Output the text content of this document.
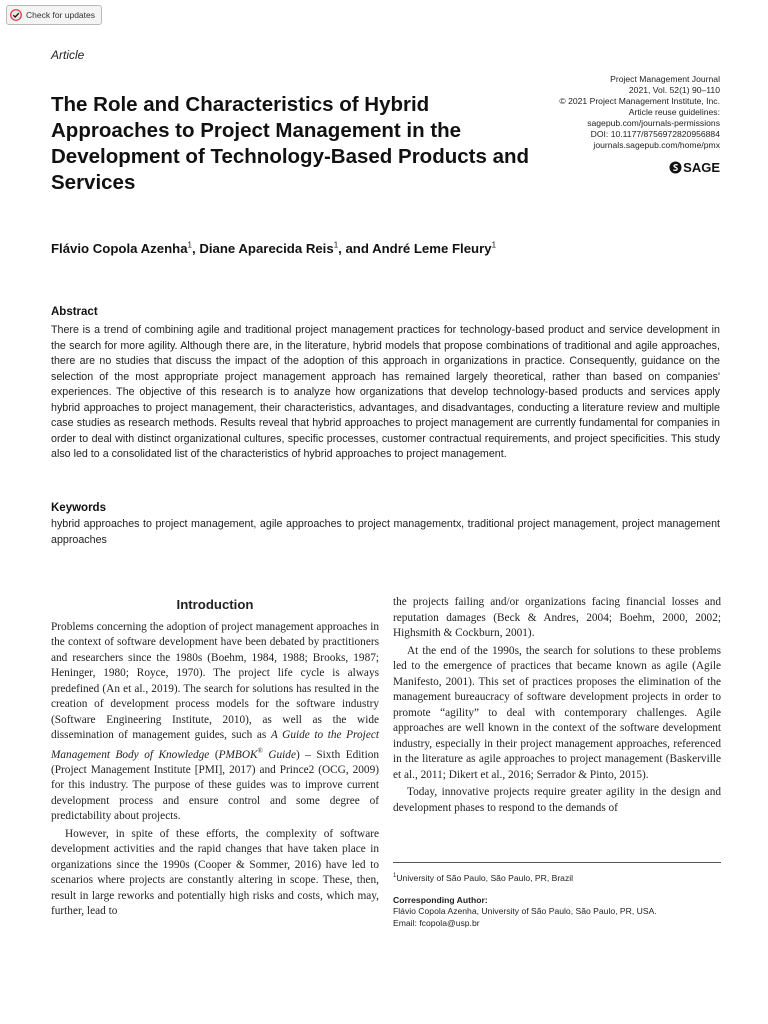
Check for updates
Article
The Role and Characteristics of Hybrid Approaches to Project Management in the Development of Technology-Based Products and Services
Project Management Journal
2021, Vol. 52(1) 90–110
© 2021 Project Management Institute, Inc.
Article reuse guidelines:
sagepub.com/journals-permissions
DOI: 10.1177/8756972820956884
journals.sagepub.com/home/pmx
SAGE
Flávio Copola Azenha$^1$, Diane Aparecida Reis$^1$, and André Leme Fleury$^1$
Abstract

There is a trend of combining agile and traditional project management practices for technology-based product and service development in the search for more agility. Although there are, in the literature, hybrid models that propose combinations of traditional and agile approaches, there are no studies that discuss the impact of the adoption of this approach in organizations in practice. Consequently, guidance on the selection of the most appropriate project management approach has remained largely theoretical, rather than based on companies' experiences. The objective of this research is to analyze how organizations that develop technology-based products and services apply hybrid approaches to project management, their characteristics, advantages, and disadvantages, conducting a literature review and multiple case studies as research methods. Results reveal that hybrid approaches to project management are currently fundamental for companies in order to deal with distinct organizational cultures, specific processes, customer contractual requirements, and project specificities. This study also led to a consolidated list of the characteristics of hybrid approaches to project management.

Keywords

hybrid approaches to project management, agile approaches to project managementx, traditional project management, project management approaches

Introduction

Problems concerning the adoption of project management approaches in the context of software development have been debated by practitioners and researchers since the 1980s (Boehm, 1984, 1988; Brooks, 1987; Heninger, 1980; Royce, 1970). The project life cycle is always predefined (An et al., 2019). The search for solutions has resulted in the creation of development process models for the software industry (Software Engineering Institute, 2010), as well as the wide dissemination of management guides, such as A Guide to the Project Management Body of Knowledge (PMBOK® Guide) – Sixth Edition (Project Management Institute [PMI], 2017) and Prince2 (OCG, 2009) for this industry. The purpose of these guides was to improve current development process and ensure control and some degree of predictability about projects.

However, in spite of these efforts, the complexity of software development activities and the rapid changes that have taken place in organizations since the 1990s (Cooper & Sommer, 2016) have led to scenarios where projects are constantly altering in scope. These, then, result in large reworks and potentially high risks and costs, which may, further, lead to

the projects failing and/or organizations facing financial losses and reputation damages (Beck & Andres, 2004; Boehm, 2000, 2002; Highsmith & Cockburn, 2001).

At the end of the 1990s, the search for solutions to these problems led to the emergence of practices that became known as agile (Agile Manifesto, 2001). This set of practices proposes the elimination of the management bureaucracy of software development projects in order to promote “agility” to deal with contemporary challenges. Agile approaches are well known in the context of the software development industry, especially in their project management approaches, referenced in the literature as agile approaches to project management (Baskerville et al., 2011; Dikert et al., 2016; Serrador & Pinto, 2015).

Today, innovative projects require greater agility in the design and development phases to respond to the demands of

$^1$University of São Paulo, São Paulo, PR, Brazil
Corresponding Author:
Flávio Copola Azenha, University of São Paulo, São Paulo, PR, USA.
Email: fcopola@usp.br
